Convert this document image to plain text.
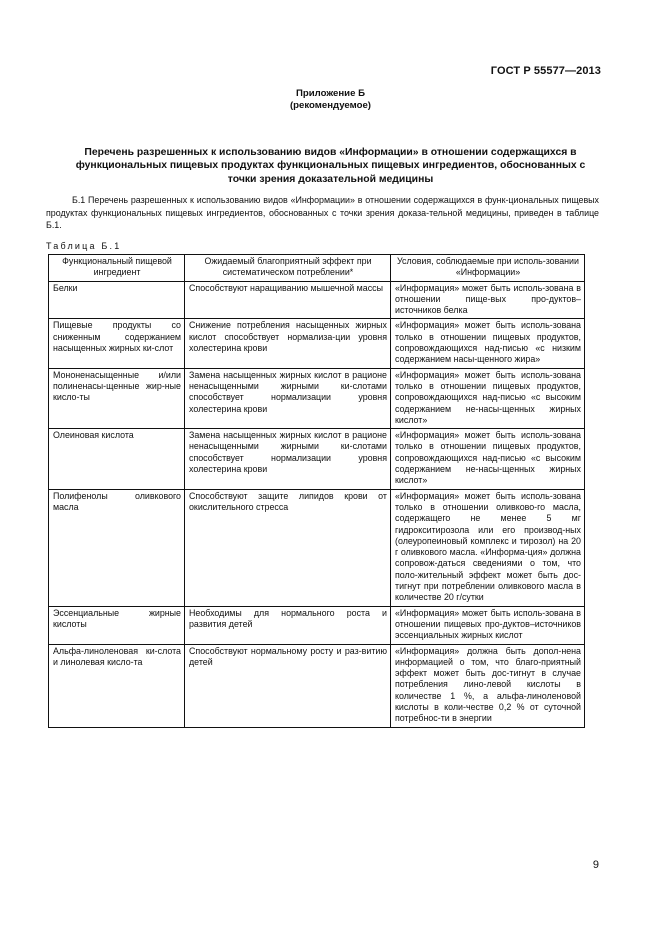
ГОСТ Р 55577—2013
Приложение Б
(рекомендуемое)
Перечень разрешенных к использованию видов «Информации» в отношении содержащихся в функциональных пищевых продуктах функциональных пищевых ингредиентов, обоснованных с точки зрения доказательной медицины
Б.1 Перечень разрешенных к использованию видов «Информации» в отношении содержащихся в функ-циональных пищевых продуктах функциональных пищевых ингредиентов, обоснованных с точки зрения доказа-тельной медицины, приведен в таблице Б.1.
Таблица Б.1
Функциональный пищевой ингредиент	Ожидаемый благоприятный эффект при систематическом потреблении*	Условия, соблюдаемые при исполь-зовании «Информации»
Белки	Способствуют наращиванию мышечной массы	«Информация» может быть исполь-зована в отношении пище-вых про-дуктов–источников белка
Пищевые продукты со сниженным содержанием насыщенных жирных ки-слот	Снижение потребления насыщенных жирных кислот способствует нормализа-ции уровня холестерина крови	«Информация» может быть исполь-зована только в отношении пищевых продуктов, сопровождающихся над-писью «с низким содержанием насы-щенного жира»
Мононенасыщенные и/или полиненасы-щенные жир-ные кисло-ты	Замена насыщенных жирных кислот в рационе ненасыщенными жирными ки-слотами способствует нормализации уровня холестерина крови	«Информация» может быть исполь-зована только в отношении пищевых продуктов, сопровождающихся над-писью «с высоким содержанием не-насы-щенных жирных кислот»
Олеиновая кислота	Замена насыщенных жирных кислот в рационе ненасыщенными жирными ки-слотами способствует нормализации уровня холестерина крови	«Информация» может быть исполь-зована только в отношении пищевых продуктов, сопровождающихся над-писью «с высоким содержанием не-насы-щенных жирных кислот»
Полифенолы оливкового масла	Способствуют защите липидов крови от окислительного стресса	«Информация» может быть исполь-зована только в отношении оливково-го масла, содержащего не менее 5 мг гидрокситирозола или его производ-ных (олеуропеиновый комплекс и тирозол) на 20 г оливкового масла. «Информа-ция» должна сопровож-даться сведениями о том, что поло-жительный эффект может быть дос-тигнут при потреблении оливкового масла в количестве 20 г/сутки
Эссенциальные жирные кислоты	Необходимы для нормального роста и развития детей	«Информация» может быть исполь-зована в отношении пищевых про-дуктов–источников эссенциальных жирных кислот
Альфа-линоленовая ки-слота и линолевая кисло-та	Способствуют нормальному росту и раз-витию детей	«Информация» должна быть допол-нена информацией о том, что благо-приятный эффект может быть дос-тигнут в случае потребления лино-левой кислоты в количестве 1 %, а альфа-линоленовой кислоты в коли-честве 0,2 % от суточной потребнос-ти в энергии
9
